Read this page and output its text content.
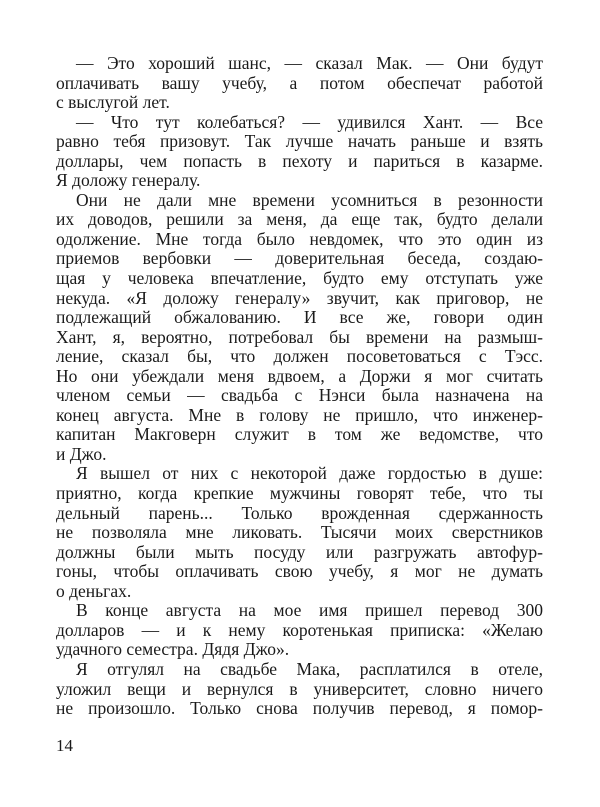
— Это хороший шанс, — сказал Мак. — Они будут
оплачивать вашу учебу, а потом обеспечат работой
с выслугой лет.
— Что тут колебаться? — удивился Хант. — Все
равно тебя призовут. Так лучше начать раньше и взять
доллары, чем попасть в пехоту и париться в казарме.
Я доложу генералу.
Они не дали мне времени усомниться в резонности
их доводов, решили за меня, да еще так, будто делали
одолжение. Мне тогда было невдомек, что это один из
приемов вербовки — доверительная беседа, создаю-
щая у человека впечатление, будто ему отступать уже
некуда. «Я доложу генералу» звучит, как приговор, не
подлежащий обжалованию. И все же, говори один
Хант, я, вероятно, потребовал бы времени на размыш-
ление, сказал бы, что должен посоветоваться с Тэсс.
Но они убеждали меня вдвоем, а Доржи я мог считать
членом семьи — свадьба с Нэнси была назначена на
конец августа. Мне в голову не пришло, что инженер-
капитан Макговерн служит в том же ведомстве, что
и Джо.
Я вышел от них с некоторой даже гордостью в душе:
приятно, когда крепкие мужчины говорят тебе, что ты
дельный парень... Только врожденная сдержанность
не позволяла мне ликовать. Тысячи моих сверстников
должны были мыть посуду или разгружать автофур-
гоны, чтобы оплачивать свою учебу, я мог не думать
о деньгах.
В конце августа на мое имя пришел перевод 300
долларов — и к нему коротенькая приписка: «Желаю
удачного семестра. Дядя Джо».
Я отгулял на свадьбе Мака, расплатился в отеле,
уложил вещи и вернулся в университет, словно ничего
не произошло. Только снова получив перевод, я помор-
14
